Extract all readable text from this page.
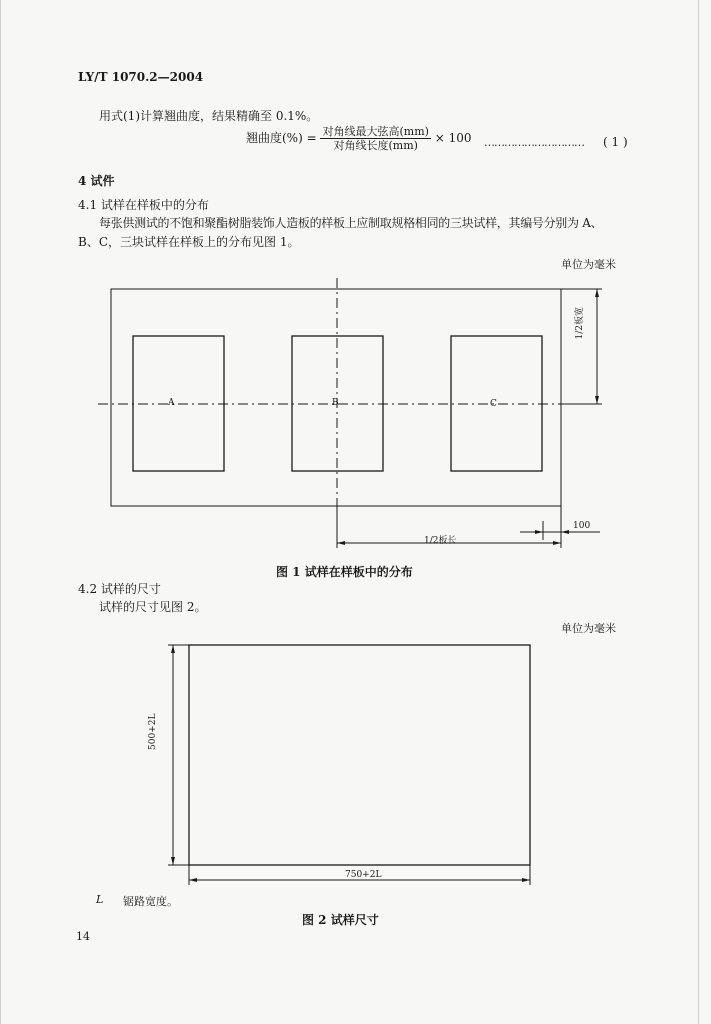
LY/T 1070.2—2004
用式(1)计算翘曲度，结果精确至 0.1%。
翘曲度(%) = $\frac{\text{对角线最大弦高(mm)}}{\text{对角线长度(mm)}} \times 100$ ………………………… ( 1 )
4 试件
4.1 试样在样板中的分布
每张供测试的不饱和聚酯树脂装饰人造板的样板上应制取规格相同的三块试样，其编号分别为 A、
B、C，三块试样在样板上的分布见图 1。
单位为毫米
A	B	C
1/2板宽
1/2板长
100
图 1 试样在样板中的分布
4.2 试样的尺寸
试样的尺寸见图 2。
单位为毫米
500+2L
750+2L
L 锯路宽度。
图 2 试样尺寸
14
